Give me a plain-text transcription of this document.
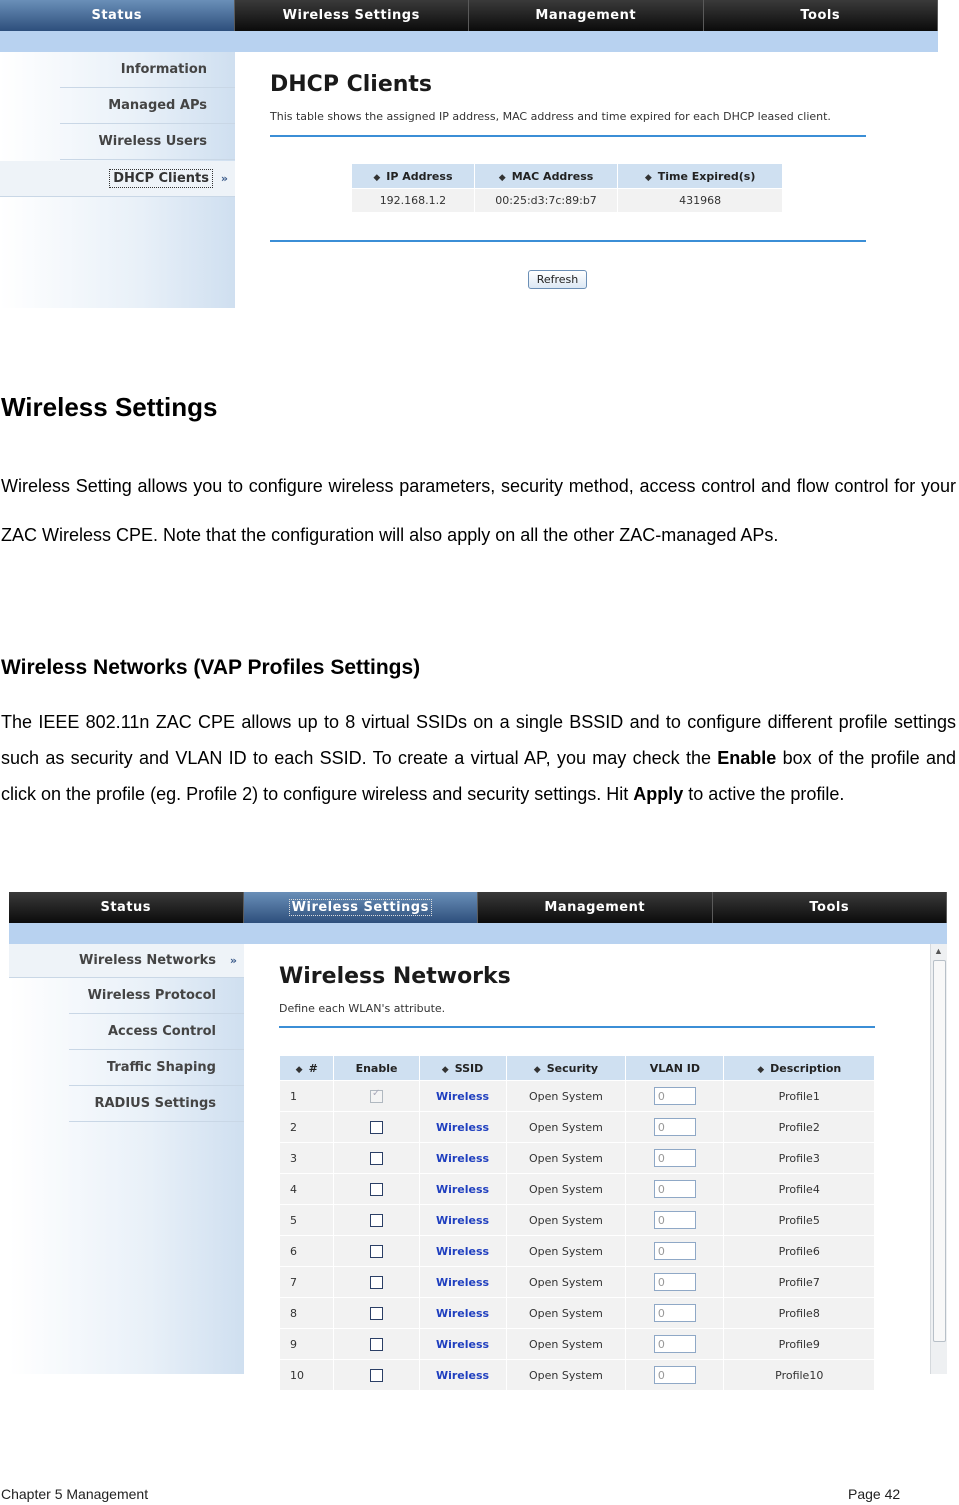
Status	Wireless Settings	Management	Tools
Information
Managed APs
Wireless Users
DHCP Clients	»
DHCP Clients
This table shows the assigned IP address, MAC address and time expired for each DHCP leased client.
◆ IP Address	◆ MAC Address	◆ Time Expired(s)
192.168.1.2	00:25:d3:7c:89:b7	431968
Refresh
Wireless Settings
Wireless Setting allows you to configure wireless parameters, security method, access control and flow control for your ZAC Wireless CPE. Note that the configuration will also apply on all the other ZAC-managed APs.
Wireless Networks (VAP Profiles Settings)
The IEEE 802.11n ZAC CPE allows up to 8 virtual SSIDs on a single BSSID and to configure different profile settings such as security and VLAN ID to each SSID. To create a virtual AP, you may check the Enable box of the profile and click on the profile (eg. Profile 2) to configure wireless and security settings. Hit Apply to active the profile.
Status	Wireless Settings	Management	Tools
Wireless Networks »
Wireless Protocol
Access Control
Traffic Shaping
RADIUS Settings
Wireless Networks
Define each WLAN's attribute.
◆ #	Enable	◆ SSID	◆ Security	VLAN ID	◆ Description
1	✓	Wireless	Open System	0	Profile1
2		Wireless	Open System	0	Profile2
3		Wireless	Open System	0	Profile3
4		Wireless	Open System	0	Profile4
5		Wireless	Open System	0	Profile5
6		Wireless	Open System	0	Profile6
7		Wireless	Open System	0	Profile7
8		Wireless	Open System	0	Profile8
9		Wireless	Open System	0	Profile9
10		Wireless	Open System	0	Profile10
▲
Chapter 5 Management	Page 42
